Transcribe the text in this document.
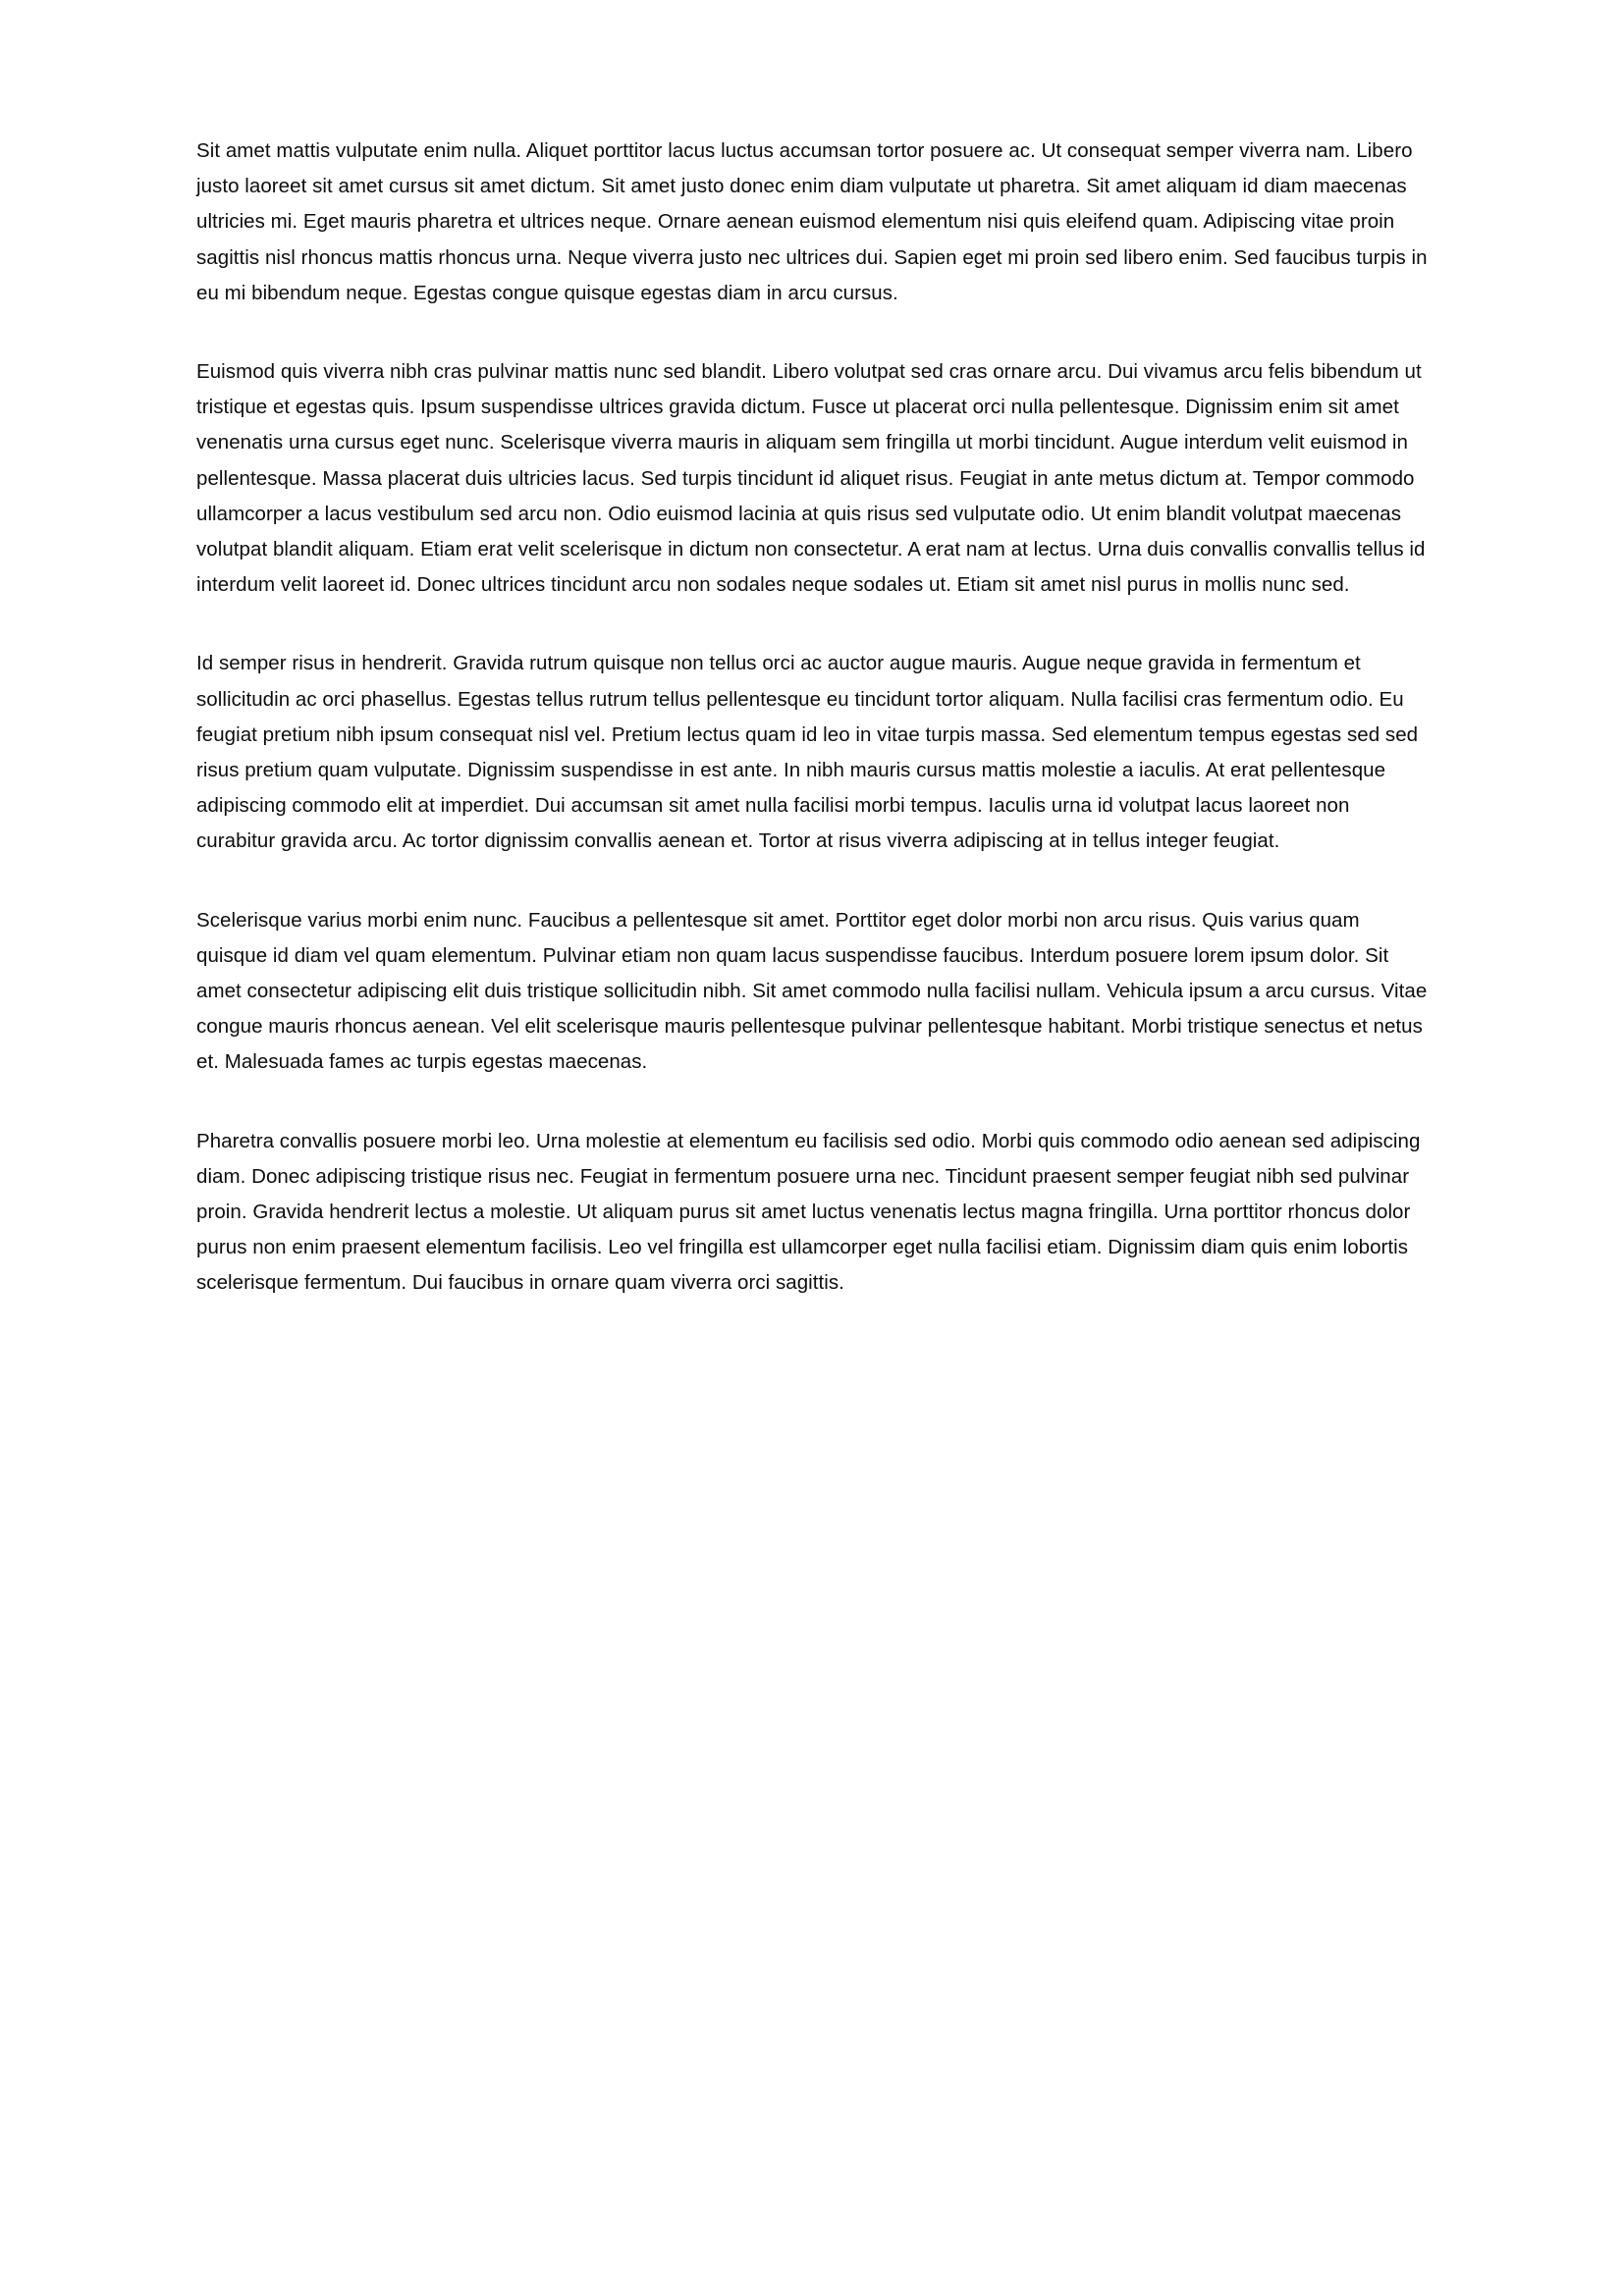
Sit amet mattis vulputate enim nulla. Aliquet porttitor lacus luctus accumsan tortor posuere ac. Ut consequat semper viverra nam. Libero justo laoreet sit amet cursus sit amet dictum. Sit amet justo donec enim diam vulputate ut pharetra. Sit amet aliquam id diam maecenas ultricies mi. Eget mauris pharetra et ultrices neque. Ornare aenean euismod elementum nisi quis eleifend quam. Adipiscing vitae proin sagittis nisl rhoncus mattis rhoncus urna. Neque viverra justo nec ultrices dui. Sapien eget mi proin sed libero enim. Sed faucibus turpis in eu mi bibendum neque. Egestas congue quisque egestas diam in arcu cursus.

Euismod quis viverra nibh cras pulvinar mattis nunc sed blandit. Libero volutpat sed cras ornare arcu. Dui vivamus arcu felis bibendum ut tristique et egestas quis. Ipsum suspendisse ultrices gravida dictum. Fusce ut placerat orci nulla pellentesque. Dignissim enim sit amet venenatis urna cursus eget nunc. Scelerisque viverra mauris in aliquam sem fringilla ut morbi tincidunt. Augue interdum velit euismod in pellentesque. Massa placerat duis ultricies lacus. Sed turpis tincidunt id aliquet risus. Feugiat in ante metus dictum at. Tempor commodo ullamcorper a lacus vestibulum sed arcu non. Odio euismod lacinia at quis risus sed vulputate odio. Ut enim blandit volutpat maecenas volutpat blandit aliquam. Etiam erat velit scelerisque in dictum non consectetur. A erat nam at lectus. Urna duis convallis convallis tellus id interdum velit laoreet id. Donec ultrices tincidunt arcu non sodales neque sodales ut. Etiam sit amet nisl purus in mollis nunc sed.

Id semper risus in hendrerit. Gravida rutrum quisque non tellus orci ac auctor augue mauris. Augue neque gravida in fermentum et sollicitudin ac orci phasellus. Egestas tellus rutrum tellus pellentesque eu tincidunt tortor aliquam. Nulla facilisi cras fermentum odio. Eu feugiat pretium nibh ipsum consequat nisl vel. Pretium lectus quam id leo in vitae turpis massa. Sed elementum tempus egestas sed sed risus pretium quam vulputate. Dignissim suspendisse in est ante. In nibh mauris cursus mattis molestie a iaculis. At erat pellentesque adipiscing commodo elit at imperdiet. Dui accumsan sit amet nulla facilisi morbi tempus. Iaculis urna id volutpat lacus laoreet non curabitur gravida arcu. Ac tortor dignissim convallis aenean et. Tortor at risus viverra adipiscing at in tellus integer feugiat.

Scelerisque varius morbi enim nunc. Faucibus a pellentesque sit amet. Porttitor eget dolor morbi non arcu risus. Quis varius quam quisque id diam vel quam elementum. Pulvinar etiam non quam lacus suspendisse faucibus. Interdum posuere lorem ipsum dolor. Sit amet consectetur adipiscing elit duis tristique sollicitudin nibh. Sit amet commodo nulla facilisi nullam. Vehicula ipsum a arcu cursus. Vitae congue mauris rhoncus aenean. Vel elit scelerisque mauris pellentesque pulvinar pellentesque habitant. Morbi tristique senectus et netus et. Malesuada fames ac turpis egestas maecenas.

Pharetra convallis posuere morbi leo. Urna molestie at elementum eu facilisis sed odio. Morbi quis commodo odio aenean sed adipiscing diam. Donec adipiscing tristique risus nec. Feugiat in fermentum posuere urna nec. Tincidunt praesent semper feugiat nibh sed pulvinar proin. Gravida hendrerit lectus a molestie. Ut aliquam purus sit amet luctus venenatis lectus magna fringilla. Urna porttitor rhoncus dolor purus non enim praesent elementum facilisis. Leo vel fringilla est ullamcorper eget nulla facilisi etiam. Dignissim diam quis enim lobortis scelerisque fermentum. Dui faucibus in ornare quam viverra orci sagittis.
